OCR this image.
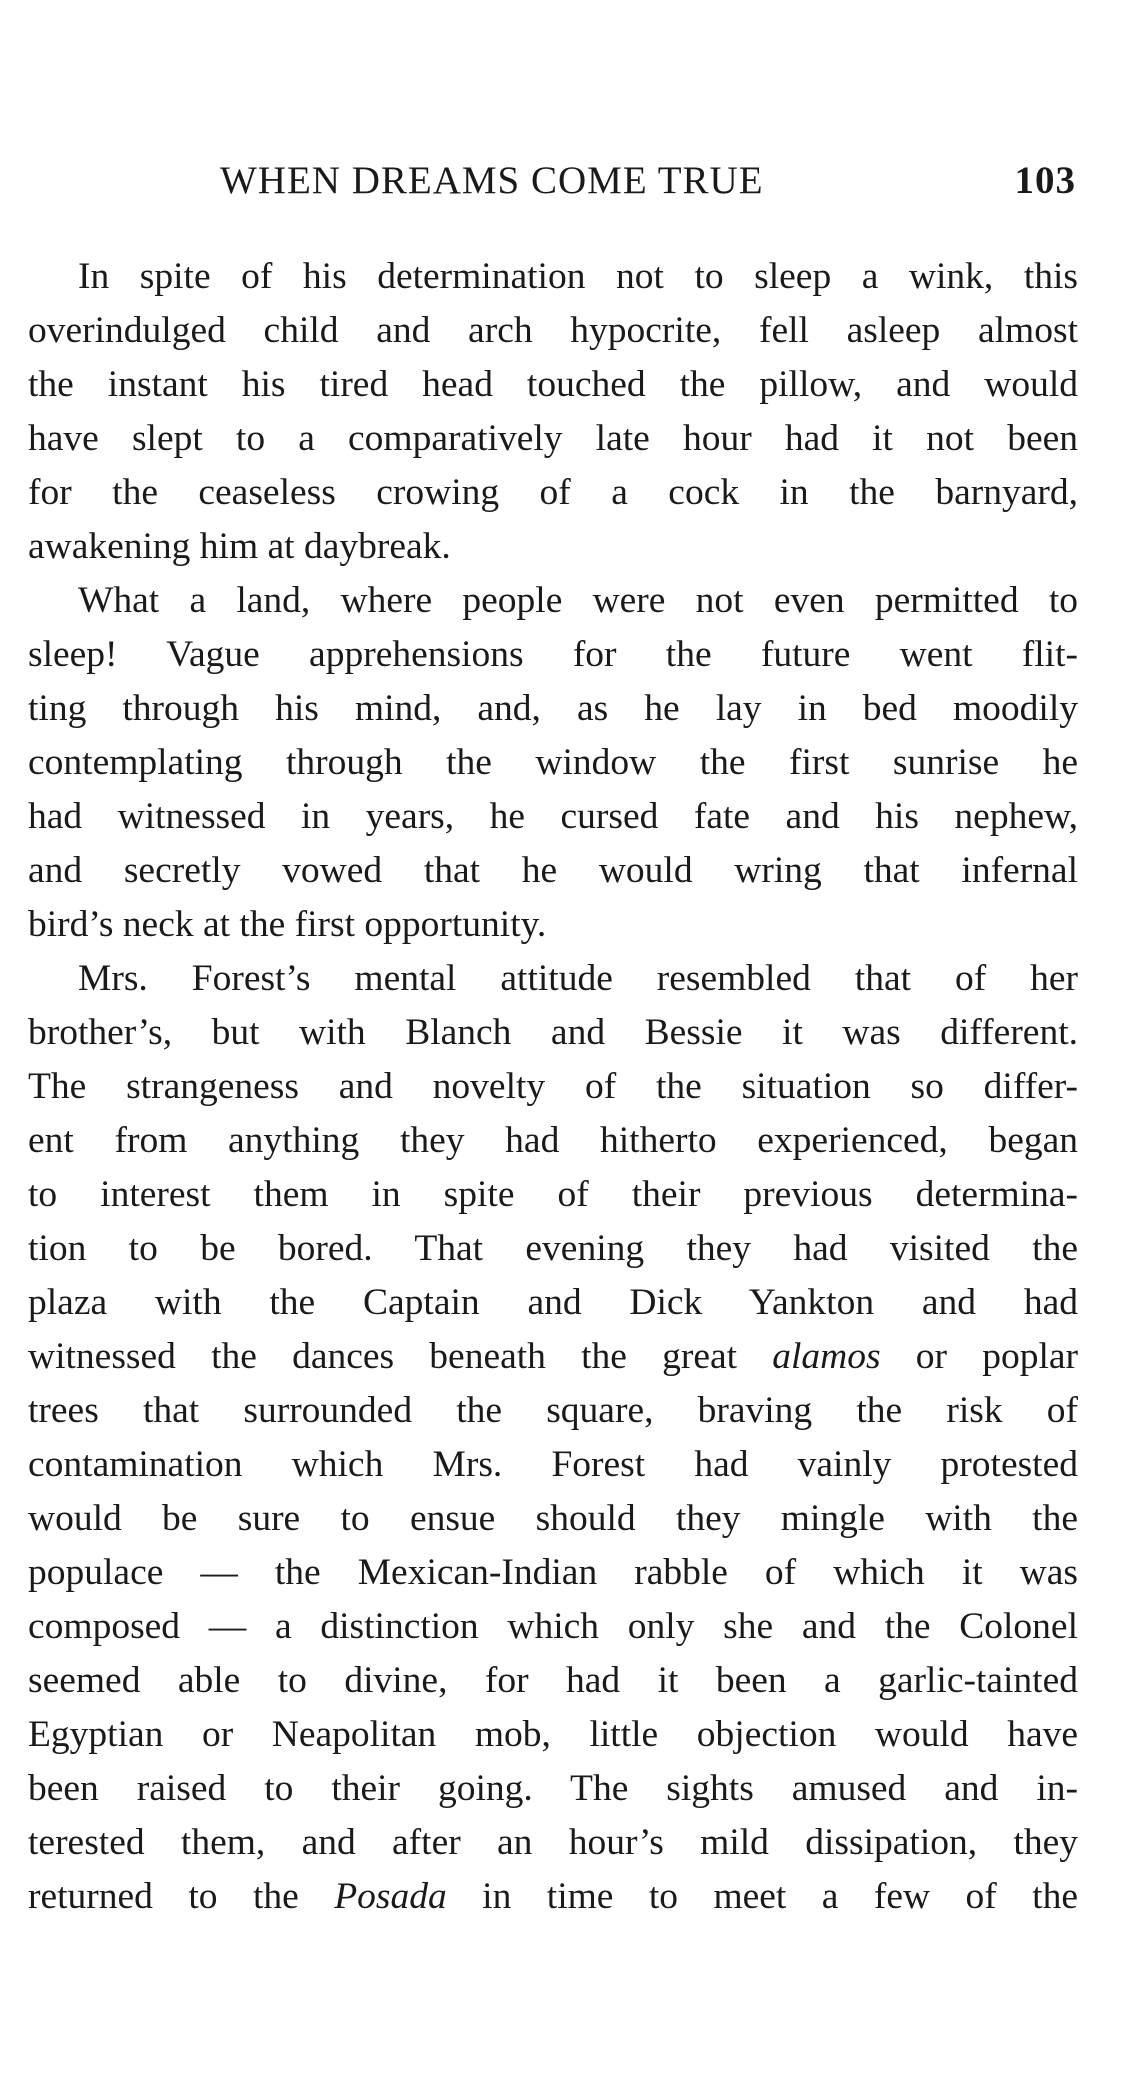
WHEN DREAMS COME TRUE	103
In spite of his determination not to sleep a wink, this
overindulged child and arch hypocrite, fell asleep almost
the instant his tired head touched the pillow, and would
have slept to a comparatively late hour had it not been
for the ceaseless crowing of a cock in the barnyard,
awakening him at daybreak.
What a land, where people were not even permitted to
sleep! Vague apprehensions for the future went flit-
ting through his mind, and, as he lay in bed moodily
contemplating through the window the first sunrise he
had witnessed in years, he cursed fate and his nephew,
and secretly vowed that he would wring that infernal
bird’s neck at the first opportunity.
Mrs. Forest’s mental attitude resembled that of her
brother’s, but with Blanch and Bessie it was different.
The strangeness and novelty of the situation so differ-
ent from anything they had hitherto experienced, began
to interest them in spite of their previous determina-
tion to be bored. That evening they had visited the
plaza with the Captain and Dick Yankton and had
witnessed the dances beneath the great alamos or poplar
trees that surrounded the square, braving the risk of
contamination which Mrs. Forest had vainly protested
would be sure to ensue should they mingle with the
populace — the Mexican-Indian rabble of which it was
composed — a distinction which only she and the Colonel
seemed able to divine, for had it been a garlic-tainted
Egyptian or Neapolitan mob, little objection would have
been raised to their going. The sights amused and in-
terested them, and after an hour’s mild dissipation, they
returned to the Posada in time to meet a few of the
